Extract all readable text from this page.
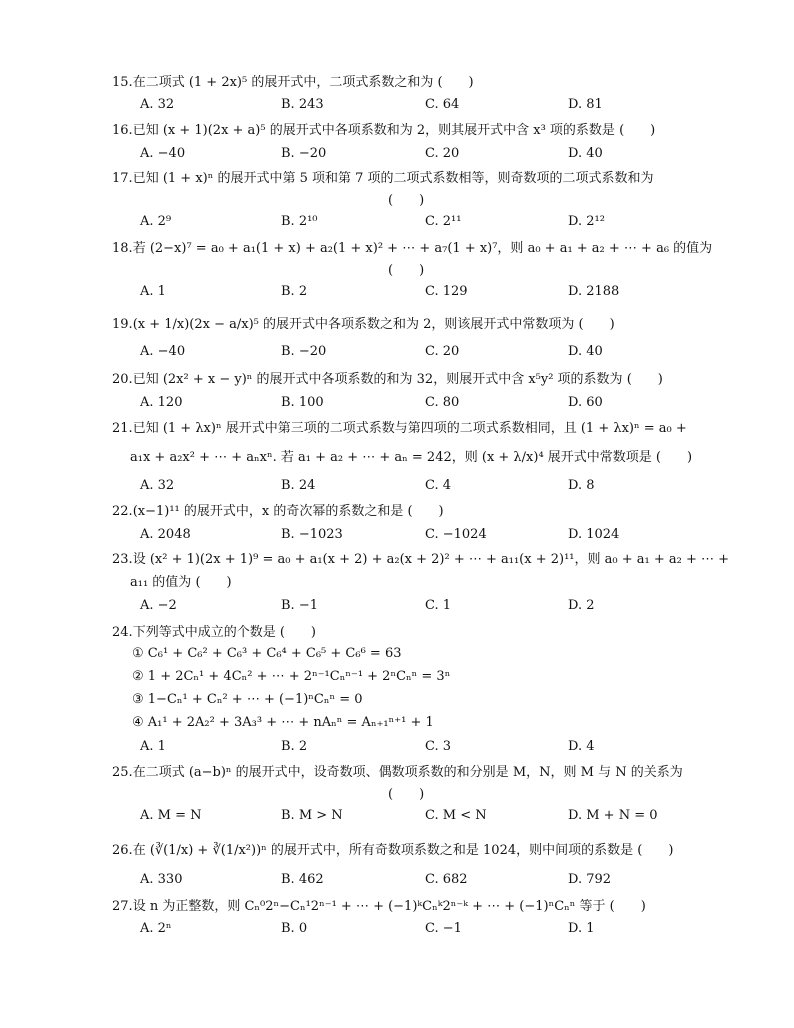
15.在二项式 (1 + 2x)⁵ 的展开式中，二项式系数之和为 (　　)
A. 32	B. 243	C. 64	D. 81
16.已知 (x + 1)(2x + a)⁵ 的展开式中各项系数和为 2，则其展开式中含 x³ 项的系数是 (　　)
A. −40	B. −20	C. 20	D. 40
17.已知 (1 + x)ⁿ 的展开式中第 5 项和第 7 项的二项式系数相等，则奇数项的二项式系数和为
(　　)
A. 2⁹	B. 2¹⁰	C. 2¹¹	D. 2¹²
18.若 (2−x)⁷ = a₀ + a₁(1 + x) + a₂(1 + x)² + ⋯ + a₇(1 + x)⁷，则 a₀ + a₁ + a₂ + ⋯ + a₆ 的值为
(　　)
A. 1	B. 2	C. 129	D. 2188
19.(x + 1/x)(2x − a/x)⁵ 的展开式中各项系数之和为 2，则该展开式中常数项为 (　　)
A. −40	B. −20	C. 20	D. 40
20.已知 (2x² + x − y)ⁿ 的展开式中各项系数的和为 32，则展开式中含 x⁵y² 项的系数为 (　　)
A. 120	B. 100	C. 80	D. 60
21.已知 (1 + λx)ⁿ 展开式中第三项的二项式系数与第四项的二项式系数相同，且 (1 + λx)ⁿ = a₀ +
a₁x + a₂x² + ⋯ + aₙxⁿ. 若 a₁ + a₂ + ⋯ + aₙ = 242，则 (x + λ/x)⁴ 展开式中常数项是 (　　)
A. 32	B. 24	C. 4	D. 8
22.(x−1)¹¹ 的展开式中，x 的奇次幂的系数之和是 (　　)
A. 2048	B. −1023	C. −1024	D. 1024
23.设 (x² + 1)(2x + 1)⁹ = a₀ + a₁(x + 2) + a₂(x + 2)² + ⋯ + a₁₁(x + 2)¹¹，则 a₀ + a₁ + a₂ + ⋯ +
a₁₁ 的值为 (　　)
A. −2	B. −1	C. 1	D. 2
24.下列等式中成立的个数是 (　　)
① C₆¹ + C₆² + C₆³ + C₆⁴ + C₆⁵ + C₆⁶ = 63
② 1 + 2Cₙ¹ + 4Cₙ² + ⋯ + 2ⁿ⁻¹Cₙⁿ⁻¹ + 2ⁿCₙⁿ = 3ⁿ
③ 1−Cₙ¹ + Cₙ² + ⋯ + (−1)ⁿCₙⁿ = 0
④ A₁¹ + 2A₂² + 3A₃³ + ⋯ + nAₙⁿ = Aₙ₊₁ⁿ⁺¹ + 1
A. 1	B. 2	C. 3	D. 4
25.在二项式 (a−b)ⁿ 的展开式中，设奇数项、偶数项系数的和分别是 M，N，则 M 与 N 的关系为
(　　)
A. M = N	B. M > N	C. M < N	D. M + N = 0
26.在 (∛(1/x) + ∛(1/x²))ⁿ 的展开式中，所有奇数项系数之和是 1024，则中间项的系数是 (　　)
A. 330	B. 462	C. 682	D. 792
27.设 n 为正整数，则 Cₙ⁰2ⁿ−Cₙ¹2ⁿ⁻¹ + ⋯ + (−1)ᵏCₙᵏ2ⁿ⁻ᵏ + ⋯ + (−1)ⁿCₙⁿ 等于 (　　)
A. 2ⁿ	B. 0	C. −1	D. 1
